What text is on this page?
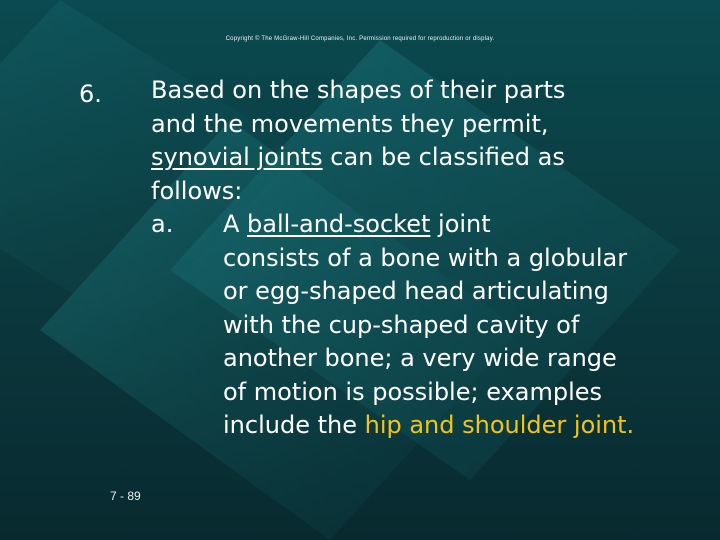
Copyright © The McGraw-Hill Companies, Inc. Permission required for reproduction or display.
6. Based on the shapes of their parts
and the movements they permit,
synovial joints can be classified as
follows:
a. A ball-and-socket joint
consists of a bone with a globular
or egg-shaped head articulating
with the cup-shaped cavity of
another bone; a very wide range
of motion is possible; examples
include the hip and shoulder joint.
7 - 89
